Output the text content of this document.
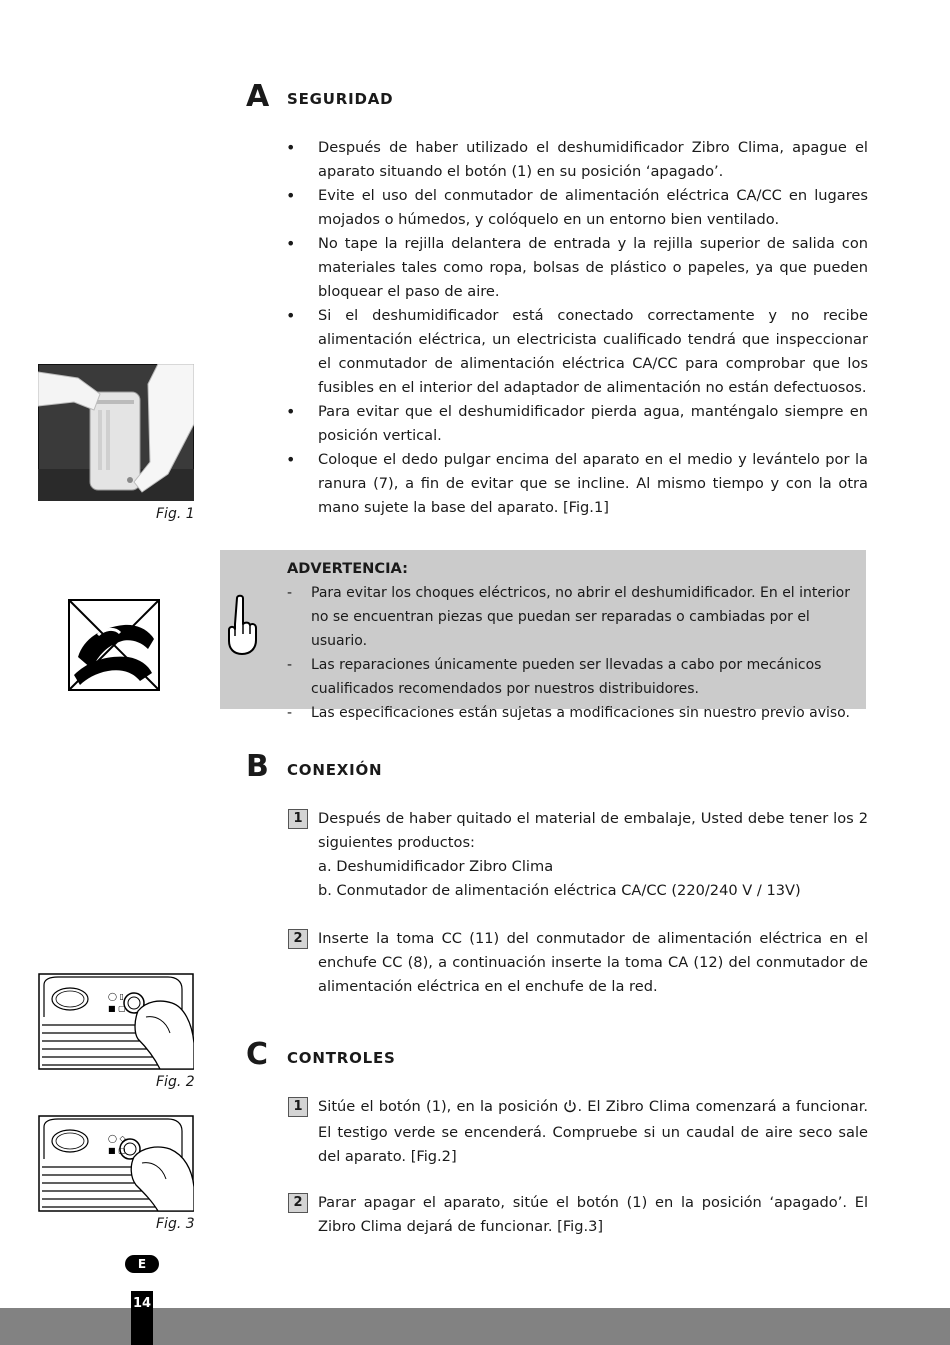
A SEGURIDAD
• Después de haber utilizado el deshumidificador Zibro Clima, apague el aparato situando el botón (1) en su posición ‘apagado’.
• Evite el uso del conmutador de alimentación eléctrica CA/CC en lugares mojados o húmedos, y colóquelo en un entorno bien ventilado.
• No tape la rejilla delantera de entrada y la rejilla superior de salida con materiales tales como ropa, bolsas de plástico o papeles, ya que pueden bloquear el paso de aire.
• Si el deshumidificador está conectado correctamente y no recibe alimentación eléctrica, un electricista cualificado tendrá que inspeccionar el conmutador de alimentación eléctrica CA/CC para comprobar que los fusibles en el interior del adaptador de alimentación no están defectuosos.
• Para evitar que el deshumidificador pierda agua, manténgalo siempre en posición vertical.
• Coloque el dedo pulgar encima del aparato en el medio y levántelo por la ranura (7), a fin de evitar que se incline. Al mismo tiempo y con la otra mano sujete la base del aparato. [Fig.1]
Fig. 1
ADVERTENCIA:
- Para evitar los choques eléctricos, no abrir el deshumidificador. En el interior no se encuentran piezas que puedan ser reparadas o cambiadas por el usuario.
- Las reparaciones únicamente pueden ser llevadas a cabo por mecánicos cualificados recomendados por nuestros distribuidores.
- Las especificaciones están sujetas a modificaciones sin nuestro previo aviso.
B CONEXIÓN
1	Después de haber quitado el material de embalaje, Usted debe tener los 2 siguientes productos:
a. Deshumidificador Zibro Clima
b. Conmutador de alimentación eléctrica CA/CC (220/240 V / 13V)
2	Inserte la toma CC (11) del conmutador de alimentación eléctrica en el enchufe CC (8), a continuación inserte la toma CA (12) del conmutador de alimentación eléctrica en el enchufe de la red.
◯ ▯
■ ▢
Fig. 2
C CONTROLES
1	Sitúe el botón (1), en la posición . El Zibro Clima comenzará a funcionar. El testigo verde se encenderá. Compruebe si un caudal de aire seco sale del aparato. [Fig.2]
2	Parar apagar el aparato, sitúe el botón (1) en la posición ‘apagado’. El Zibro Clima dejará de funcionar. [Fig.3]
◯ ◇
■ ▢
Fig. 3
E
14
